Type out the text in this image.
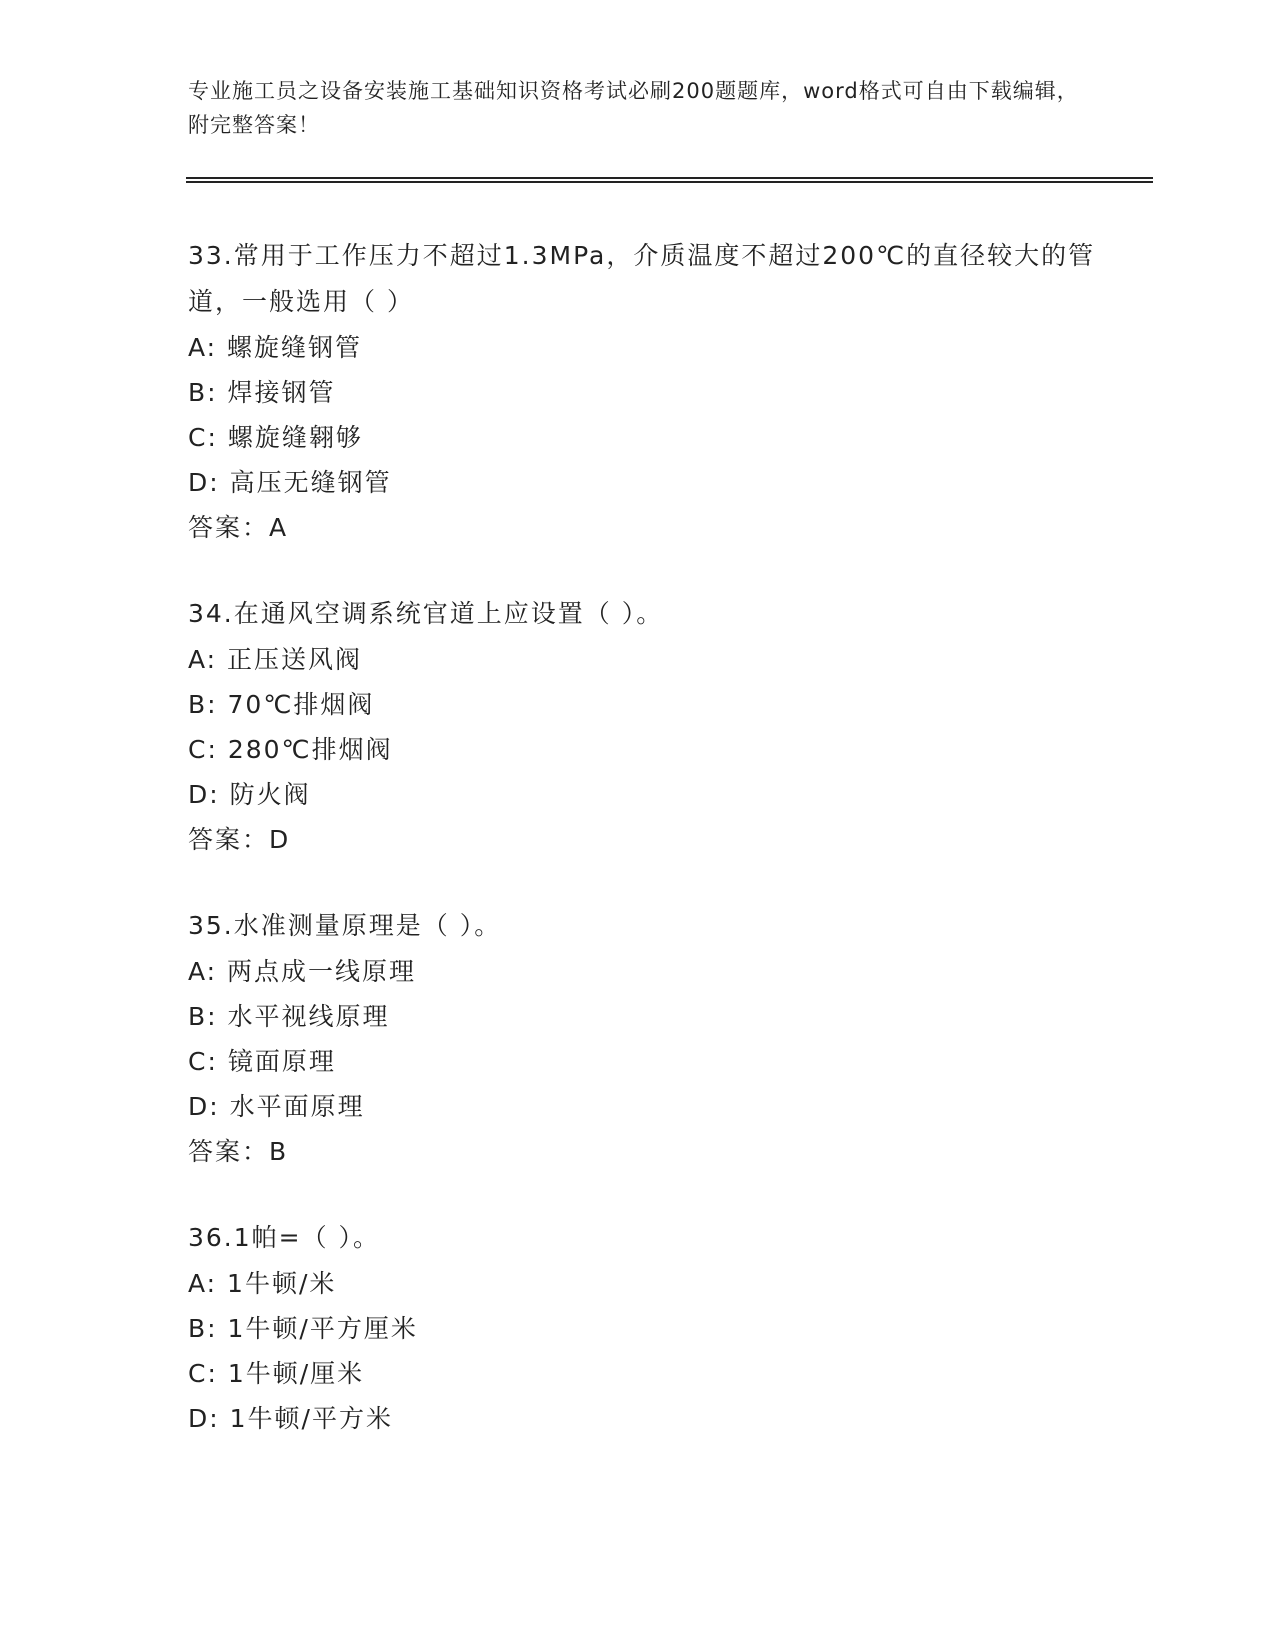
专业施工员之设备安装施工基础知识资格考试必刷200题题库，word格式可自由下载编辑，附完整答案！
33.常用于工作压力不超过1.3MPa，介质温度不超过200℃的直径较大的管道，一般选用（ ）
A: 螺旋缝钢管
B: 焊接钢管
C: 螺旋缝翱够
D: 高压无缝钢管
答案：A
34.在通风空调系统官道上应设置（ ）。
A: 正压送风阀
B: 70℃排烟阀
C: 280℃排烟阀
D: 防火阀
答案：D
35.水准测量原理是（ ）。
A: 两点成一线原理
B: 水平视线原理
C: 镜面原理
D: 水平面原理
答案：B
36.1帕=（ ）。
A: 1牛顿/米
B: 1牛顿/平方厘米
C: 1牛顿/厘米
D: 1牛顿/平方米
